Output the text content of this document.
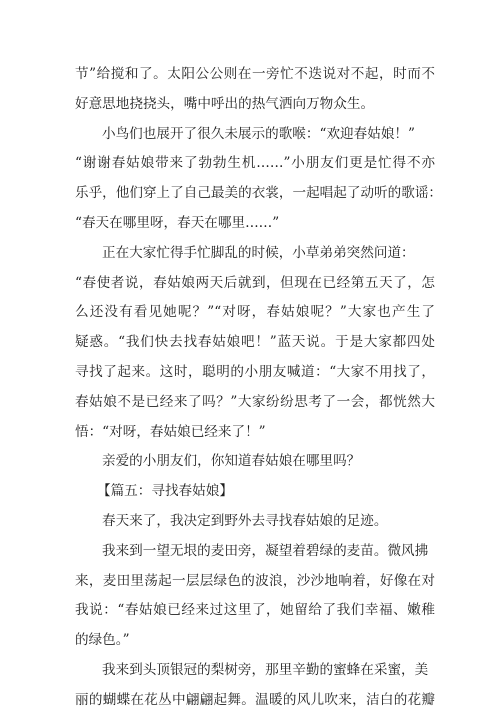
节”给搅和了。太阳公公则在一旁忙不迭说对不起，时而不
好意思地挠挠头，嘴中呼出的热气洒向万物众生。
小鸟们也展开了很久未展示的歌喉：“欢迎春姑娘！”
“谢谢春姑娘带来了勃勃生机……”小朋友们更是忙得不亦
乐乎，他们穿上了自己最美的衣裳，一起唱起了动听的歌谣：
“春天在哪里呀，春天在哪里……”
正在大家忙得手忙脚乱的时候，小草弟弟突然问道：
“春使者说，春姑娘两天后就到，但现在已经第五天了，怎
么还没有看见她呢？”“对呀，春姑娘呢？”大家也产生了
疑惑。“我们快去找春姑娘吧！”蓝天说。于是大家都四处
寻找了起来。这时，聪明的小朋友喊道：“大家不用找了，
春姑娘不是已经来了吗？”大家纷纷思考了一会，都恍然大
悟：“对呀，春姑娘已经来了！”
亲爱的小朋友们，你知道春姑娘在哪里吗？
【篇五：寻找春姑娘】
春天来了，我决定到野外去寻找春姑娘的足迹。
我来到一望无垠的麦田旁，凝望着碧绿的麦苗。微风拂
来，麦田里荡起一层层绿色的波浪，沙沙地响着，好像在对
我说：“春姑娘已经来过这里了，她留给了我们幸福、嫩稚
的绿色。”
我来到头顶银冠的梨树旁，那里辛勤的蜜蜂在采蜜，美
丽的蝴蝶在花丛中翩翩起舞。温暖的风儿吹来，洁白的花瓣
